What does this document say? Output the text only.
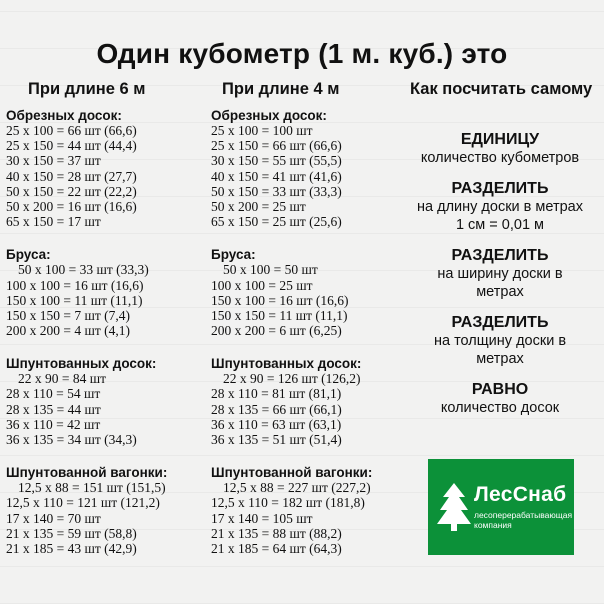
Один кубометр (1 м. куб.) это
При длине 6 м	При длине 4 м	Как посчитать самому
Обрезных досок:
25 x 100 = 66 шт (66,6)
25 x 150 = 44 шт (44,4)
30 x 150 = 37 шт
40 x 150 = 28 шт (27,7)
50 x 150 = 22 шт (22,2)
50 x 200 = 16 шт (16,6)
65 x 150 = 17 шт
Бруса:
50 x 100 = 33 шт (33,3)
100 x 100 = 16 шт (16,6)
150 x 100 = 11 шт (11,1)
150 x 150 = 7 шт (7,4)
200 x 200 = 4 шт (4,1)
Шпунтованных досок:
22 x 90 = 84 шт
28 x 110 = 54 шт
28 x 135 = 44 шт
36 x 110 = 42 шт
36 x 135 = 34 шт (34,3)
Шпунтованной вагонки:
12,5 x 88 = 151 шт (151,5)
12,5 x 110 = 121 шт (121,2)
17 x 140 = 70 шт
21 x 135 = 59 шт (58,8)
21 x 185 = 43 шт (42,9)
Обрезных досок:
25 x 100 = 100 шт
25 x 150 = 66 шт (66,6)
30 x 150 = 55 шт (55,5)
40 x 150 = 41 шт (41,6)
50 x 150 = 33 шт (33,3)
50 x 200 = 25 шт
65 x 150 = 25 шт (25,6)
Бруса:
50 x 100 = 50 шт
100 x 100 = 25 шт
150 x 100 = 16 шт (16,6)
150 x 150 = 11 шт (11,1)
200 x 200 = 6 шт (6,25)
Шпунтованных досок:
22 x 90 = 126 шт (126,2)
28 x 110 = 81 шт (81,1)
28 x 135 = 66 шт (66,1)
36 x 110 = 63 шт (63,1)
36 x 135 = 51 шт (51,4)
Шпунтованной вагонки:
12,5 x 88 = 227 шт (227,2)
12,5 x 110 = 182 шт (181,8)
17 x 140 = 105 шт
21 x 135 = 88 шт (88,2)
21 x 185 = 64 шт (64,3)
ЕДИНИЦУ
количество кубометров
РАЗДЕЛИТЬ
на длину доски в метрах
1 см = 0,01 м
РАЗДЕЛИТЬ
на ширину доски в
метрах
РАЗДЕЛИТЬ
на толщину доски в
метрах
РАВНО
количество досок
ЛесСнаб
лесоперерабатывающая компания
